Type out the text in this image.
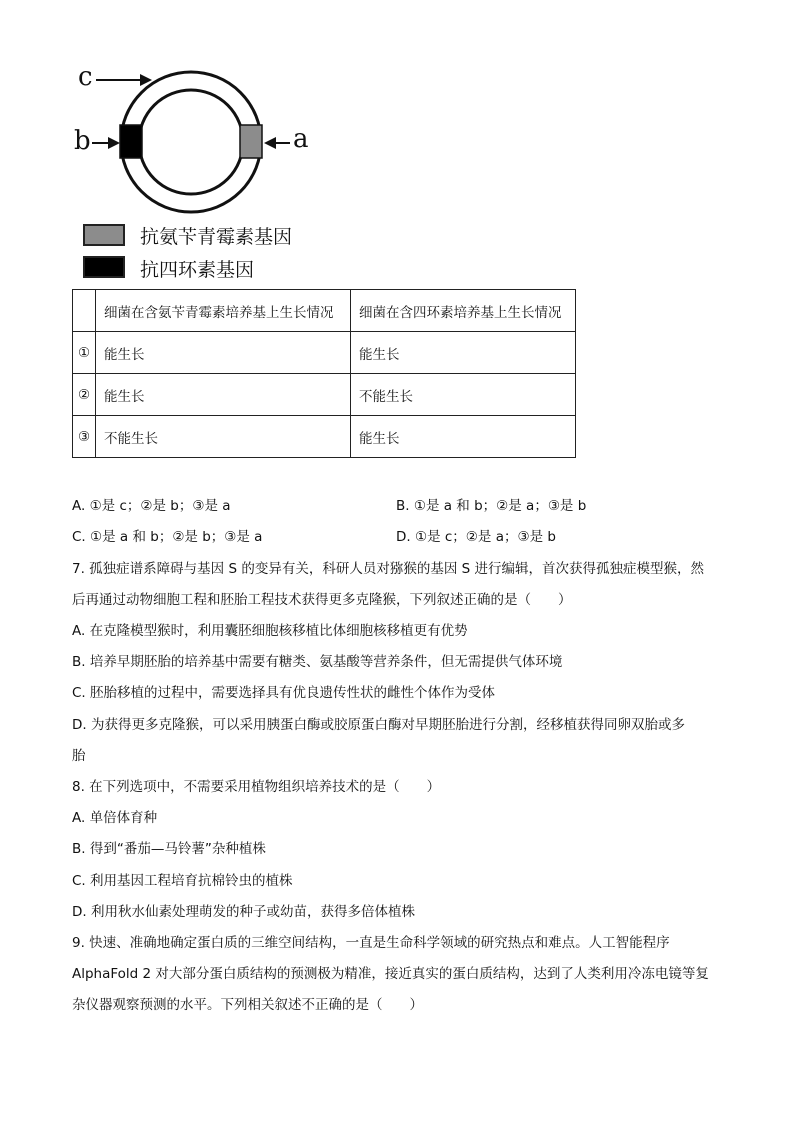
c
b	a
抗氨苄青霉素基因
抗四环素基因
	细菌在含氨苄青霉素培养基上生长情况	细菌在含四环素培养基上生长情况
①	能生长	能生长
②	能生长	不能生长
③	不能生长	能生长
A. ①是 c；②是 b；③是 a	B. ①是 a 和 b；②是 a；③是 b
C. ①是 a 和 b；②是 b；③是 a	D. ①是 c；②是 a；③是 b
7. 孤独症谱系障碍与基因 S 的变异有关，科研人员对猕猴的基因 S 进行编辑，首次获得孤独症模型猴，然
后再通过动物细胞工程和胚胎工程技术获得更多克隆猴，下列叙述正确的是（　　）
A. 在克隆模型猴时，利用囊胚细胞核移植比体细胞核移植更有优势
B. 培养早期胚胎的培养基中需要有糖类、氨基酸等营养条件，但无需提供气体环境
C. 胚胎移植的过程中，需要选择具有优良遗传性状的雌性个体作为受体
D. 为获得更多克隆猴，可以采用胰蛋白酶或胶原蛋白酶对早期胚胎进行分割，经移植获得同卵双胎或多
胎
8. 在下列选项中，不需要采用植物组织培养技术的是（　　）
A. 单倍体育种
B. 得到“番茄—马铃薯”杂种植株
C. 利用基因工程培育抗棉铃虫的植株
D. 利用秋水仙素处理萌发的种子或幼苗，获得多倍体植株
9. 快速、准确地确定蛋白质的三维空间结构，一直是生命科学领域的研究热点和难点。人工智能程序
AlphaFold 2 对大部分蛋白质结构的预测极为精准，接近真实的蛋白质结构，达到了人类利用冷冻电镜等复
杂仪器观察预测的水平。下列相关叙述不正确的是（　　）
